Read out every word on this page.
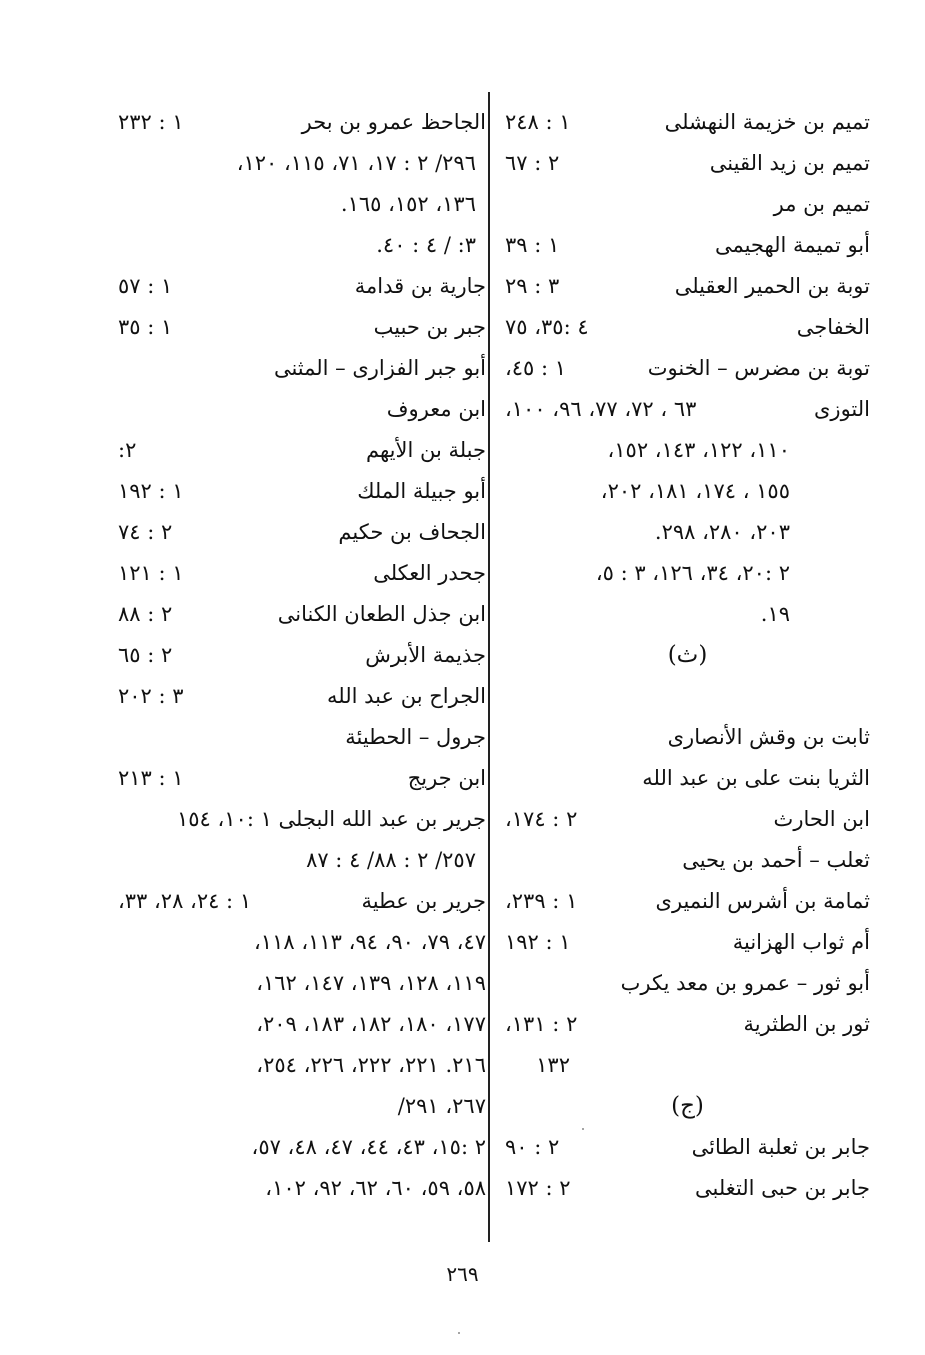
تميم بن خزيمة النهشلى
١ : ٢٤٨
تميم بن زيد القينى
٢ : ٦٧
تميم بن مر
أبو تميمة الهجيمى
١ : ٣٩
توبة بن الحمير العقيلى
٣ : ٢٩
الخفاجى
٤ :٣٥، ٧٥
توبة بن مضرس – الخنوت
١ : ٤٥،
التوزى
٦٣ ، ٧٢، ٧٧، ٩٦، ١٠٠،
١١٠، ١٢٢، ١٤٣، ١٥٢،
١٥٥ ، ١٧٤، ١٨١، ٢٠٢،
٢٠٣، ٢٨٠، ٢٩٨.
٢ :٢٠، ٣٤، ١٢٦، ٣ : ٥،
١٩.
(ث)
ثابت بن وقش الأنصارى
الثريا بنت على بن عبد الله
ابن الحارث
٢ : ١٧٤،
ثعلب – أحمد بن يحيى
ثمامة بن أشرس النميرى
١ : ٢٣٩،
أم ثواب الهزانية
١ : ١٩٢
أبو ثور – عمرو بن معد يكرب
ثور بن الطثرية
٢ : ١٣١،
١٣٢
(ج)
جابر بن ثعلبة الطائى
٢ : ٩٠
جابر بن حبى التغلبى
٢ : ١٧٢
الجاحظ عمرو بن بحر
١ : ٢٣٢
٢٩٦/ ٢ : ١٧، ٧١، ١١٥، ١٢٠،
١٣٦، ١٥٢، ١٦٥.
٣: / ٤ : ٤٠.
جارية بن قدامة
١ : ٥٧
جبر بن حبيب
١ : ٣٥
أبو جبر الفزارى – المثنى
ابن معروف
جبلة بن الأيهم
٢:
أبو جبيلة الملك
١ : ١٩٢
الجحاف بن حكيم
٢ : ٧٤
جحدر العكلى
١ : ١٢١
ابن جذل الطعان الكنانى
٢ : ٨٨
جذيمة الأبرش
٢ : ٦٥
الجراح بن عبد الله
٣ : ٢٠٢
جرول – الحطيئة
ابن جريج
١ : ٢١٣
جرير بن عبد الله البجلى ١ :١٠، ١٥٤
٢٥٧/ ٢ : ٨٨/ ٤ : ٨٧
جرير بن عطية
١ : ٢٤، ٢٨، ٣٣،
٤٧، ٧٩، ٩٠، ٩٤، ١١٣، ١١٨،
١١٩، ١٢٨، ١٣٩، ١٤٧، ١٦٢،
١٧٧، ١٨٠، ١٨٢، ١٨٣، ٢٠٩،
٢١٦. ٢٢١، ٢٢٢، ٢٢٦، ٢٥٤،
٢٦٧، ٢٩١/
٢ :١٥، ٤٣، ٤٤، ٤٧، ٤٨، ٥٧،
٥٨، ٥٩، ٦٠، ٦٢، ٩٢، ١٠٢،
٢٦٩
